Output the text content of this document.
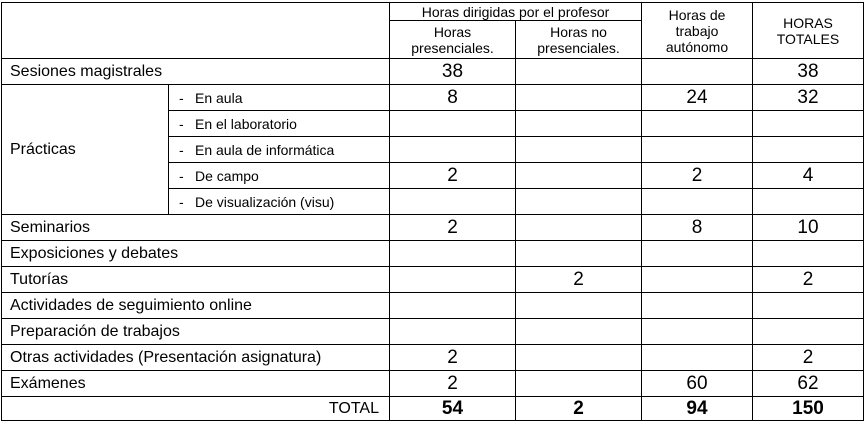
		Horas dirigidas por el profesor		Horas de trabajo autónomo	HORAS TOTALES
		Horas presenciales.	Horas no presenciales.		
Sesiones magistrales		38			38
Prácticas	- En aula	8		24	32
	- En el laboratorio				
	- En aula de informática				
	- De campo	2		2	4
	- De visualización (visu)				
Seminarios		2		8	10
Exposiciones y debates					
Tutorías			2		2
Actividades de seguimiento online					
Preparación de trabajos					
Otras actividades (Presentación asignatura)		2			2
Exámenes		2		60	62
TOTAL		54	2	94	150
